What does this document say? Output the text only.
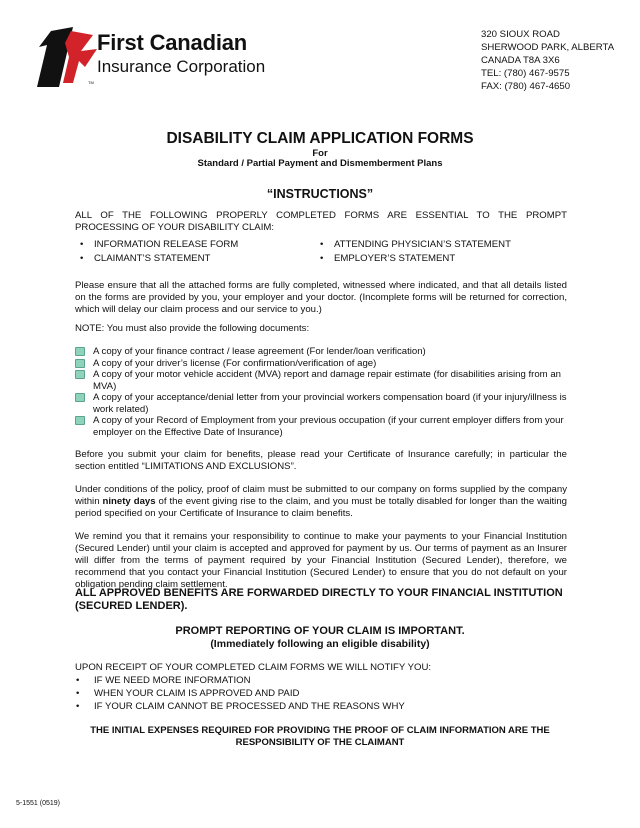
First Canadian
Insurance Corporation
TM
320 SIOUX ROAD
SHERWOOD PARK, ALBERTA
CANADA T8A 3X6
TEL: (780) 467-9575
FAX: (780) 467-4650
DISABILITY CLAIM APPLICATION FORMS
For
Standard / Partial Payment and Dismemberment Plans
“INSTRUCTIONS”
ALL OF THE FOLLOWING PROPERLY COMPLETED FORMS ARE ESSENTIAL TO THE PROMPT PROCESSING OF YOUR DISABILITY CLAIM:
• INFORMATION RELEASE FORM	• ATTENDING PHYSICIAN’S STATEMENT
• CLAIMANT’S STATEMENT	• EMPLOYER’S STATEMENT
Please ensure that all the attached forms are fully completed, witnessed where indicated, and that all details listed on the forms are provided by you, your employer and your doctor. (Incomplete forms will be returned for correction, which will delay our claim process and our service to you.)
NOTE: You must also provide the following documents:
A copy of your finance contract / lease agreement (For lender/loan verification)
A copy of your driver’s license (For confirmation/verification of age)
A copy of your motor vehicle accident (MVA) report and damage repair estimate (for disabilities arising from an MVA)
A copy of your acceptance/denial letter from your provincial workers compensation board (if your injury/illness is work related)
A copy of your Record of Employment from your previous occupation (if your current employer differs from your employer on the Effective Date of Insurance)
Before you submit your claim for benefits, please read your Certificate of Insurance carefully; in particular the section entitled “LIMITATIONS AND EXCLUSIONS”.
Under conditions of the policy, proof of claim must be submitted to our company on forms supplied by the company within ninety days of the event giving rise to the claim, and you must be totally disabled for longer than the waiting period specified on your Certificate of Insurance to claim benefits.
We remind you that it remains your responsibility to continue to make your payments to your Financial Institution (Secured Lender) until your claim is accepted and approved for payment by us. Our terms of payment as an Insurer will differ from the terms of payment required by your Financial Institution (Secured Lender), therefore, we recommend that you contact your Financial Institution (Secured Lender) to ensure that you do not default on your obligation pending claim settlement.
ALL APPROVED BENEFITS ARE FORWARDED DIRECTLY TO YOUR FINANCIAL INSTITUTION (SECURED LENDER).
PROMPT REPORTING OF YOUR CLAIM IS IMPORTANT.
(Immediately following an eligible disability)
UPON RECEIPT OF YOUR COMPLETED CLAIM FORMS WE WILL NOTIFY YOU:
• IF WE NEED MORE INFORMATION
• WHEN YOUR CLAIM IS APPROVED AND PAID
• IF YOUR CLAIM CANNOT BE PROCESSED AND THE REASONS WHY
THE INITIAL EXPENSES REQUIRED FOR PROVIDING THE PROOF OF CLAIM INFORMATION ARE THE
RESPONSIBILITY OF THE CLAIMANT
5-1551 (0519)
